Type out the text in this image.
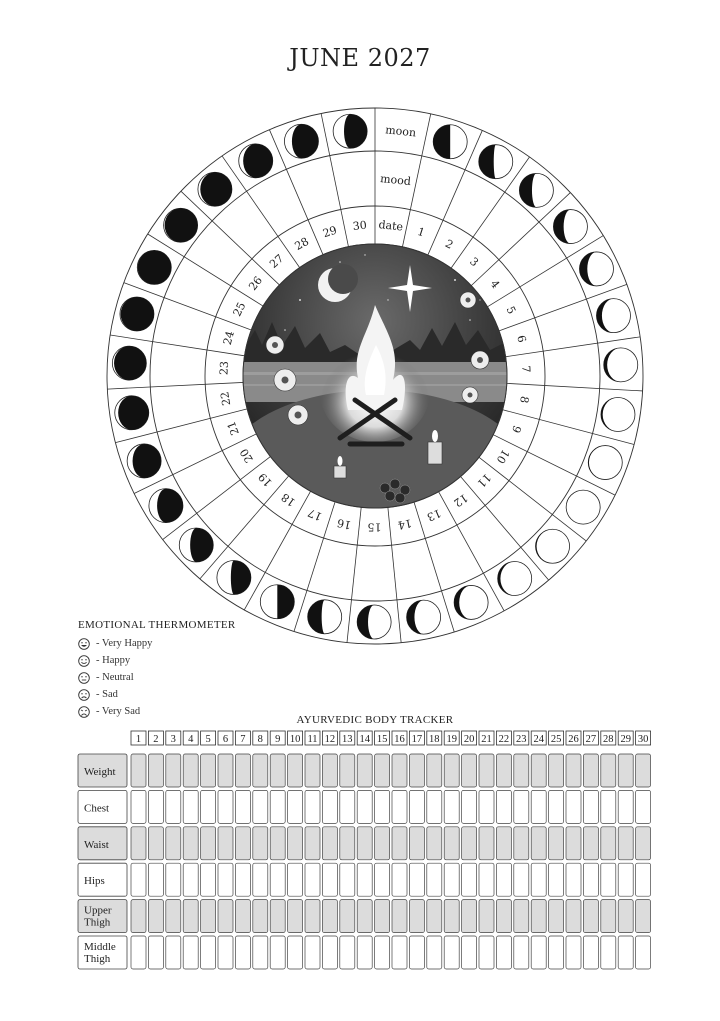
JUNE 2027
1
2
3
4
5
6
7
8
9
10
11
12
13
14
15
16
17
18
19
20
21
22
23
24
25
26
27
28
29 30
moon
mood
date
EMOTIONAL THERMOMETER
- Very Happy
- Happy
- Neutral
- Sad
- Very Sad
AYURVEDIC BODY TRACKER
1 2 3 4 5 6 7 8 9 10 11 12 13 14 15 16 17 18 19 20 21 22 23 24 25 26 27 28 29 30
Weight
Chest
Waist
Hips
Upper Thigh
Middle Thigh
